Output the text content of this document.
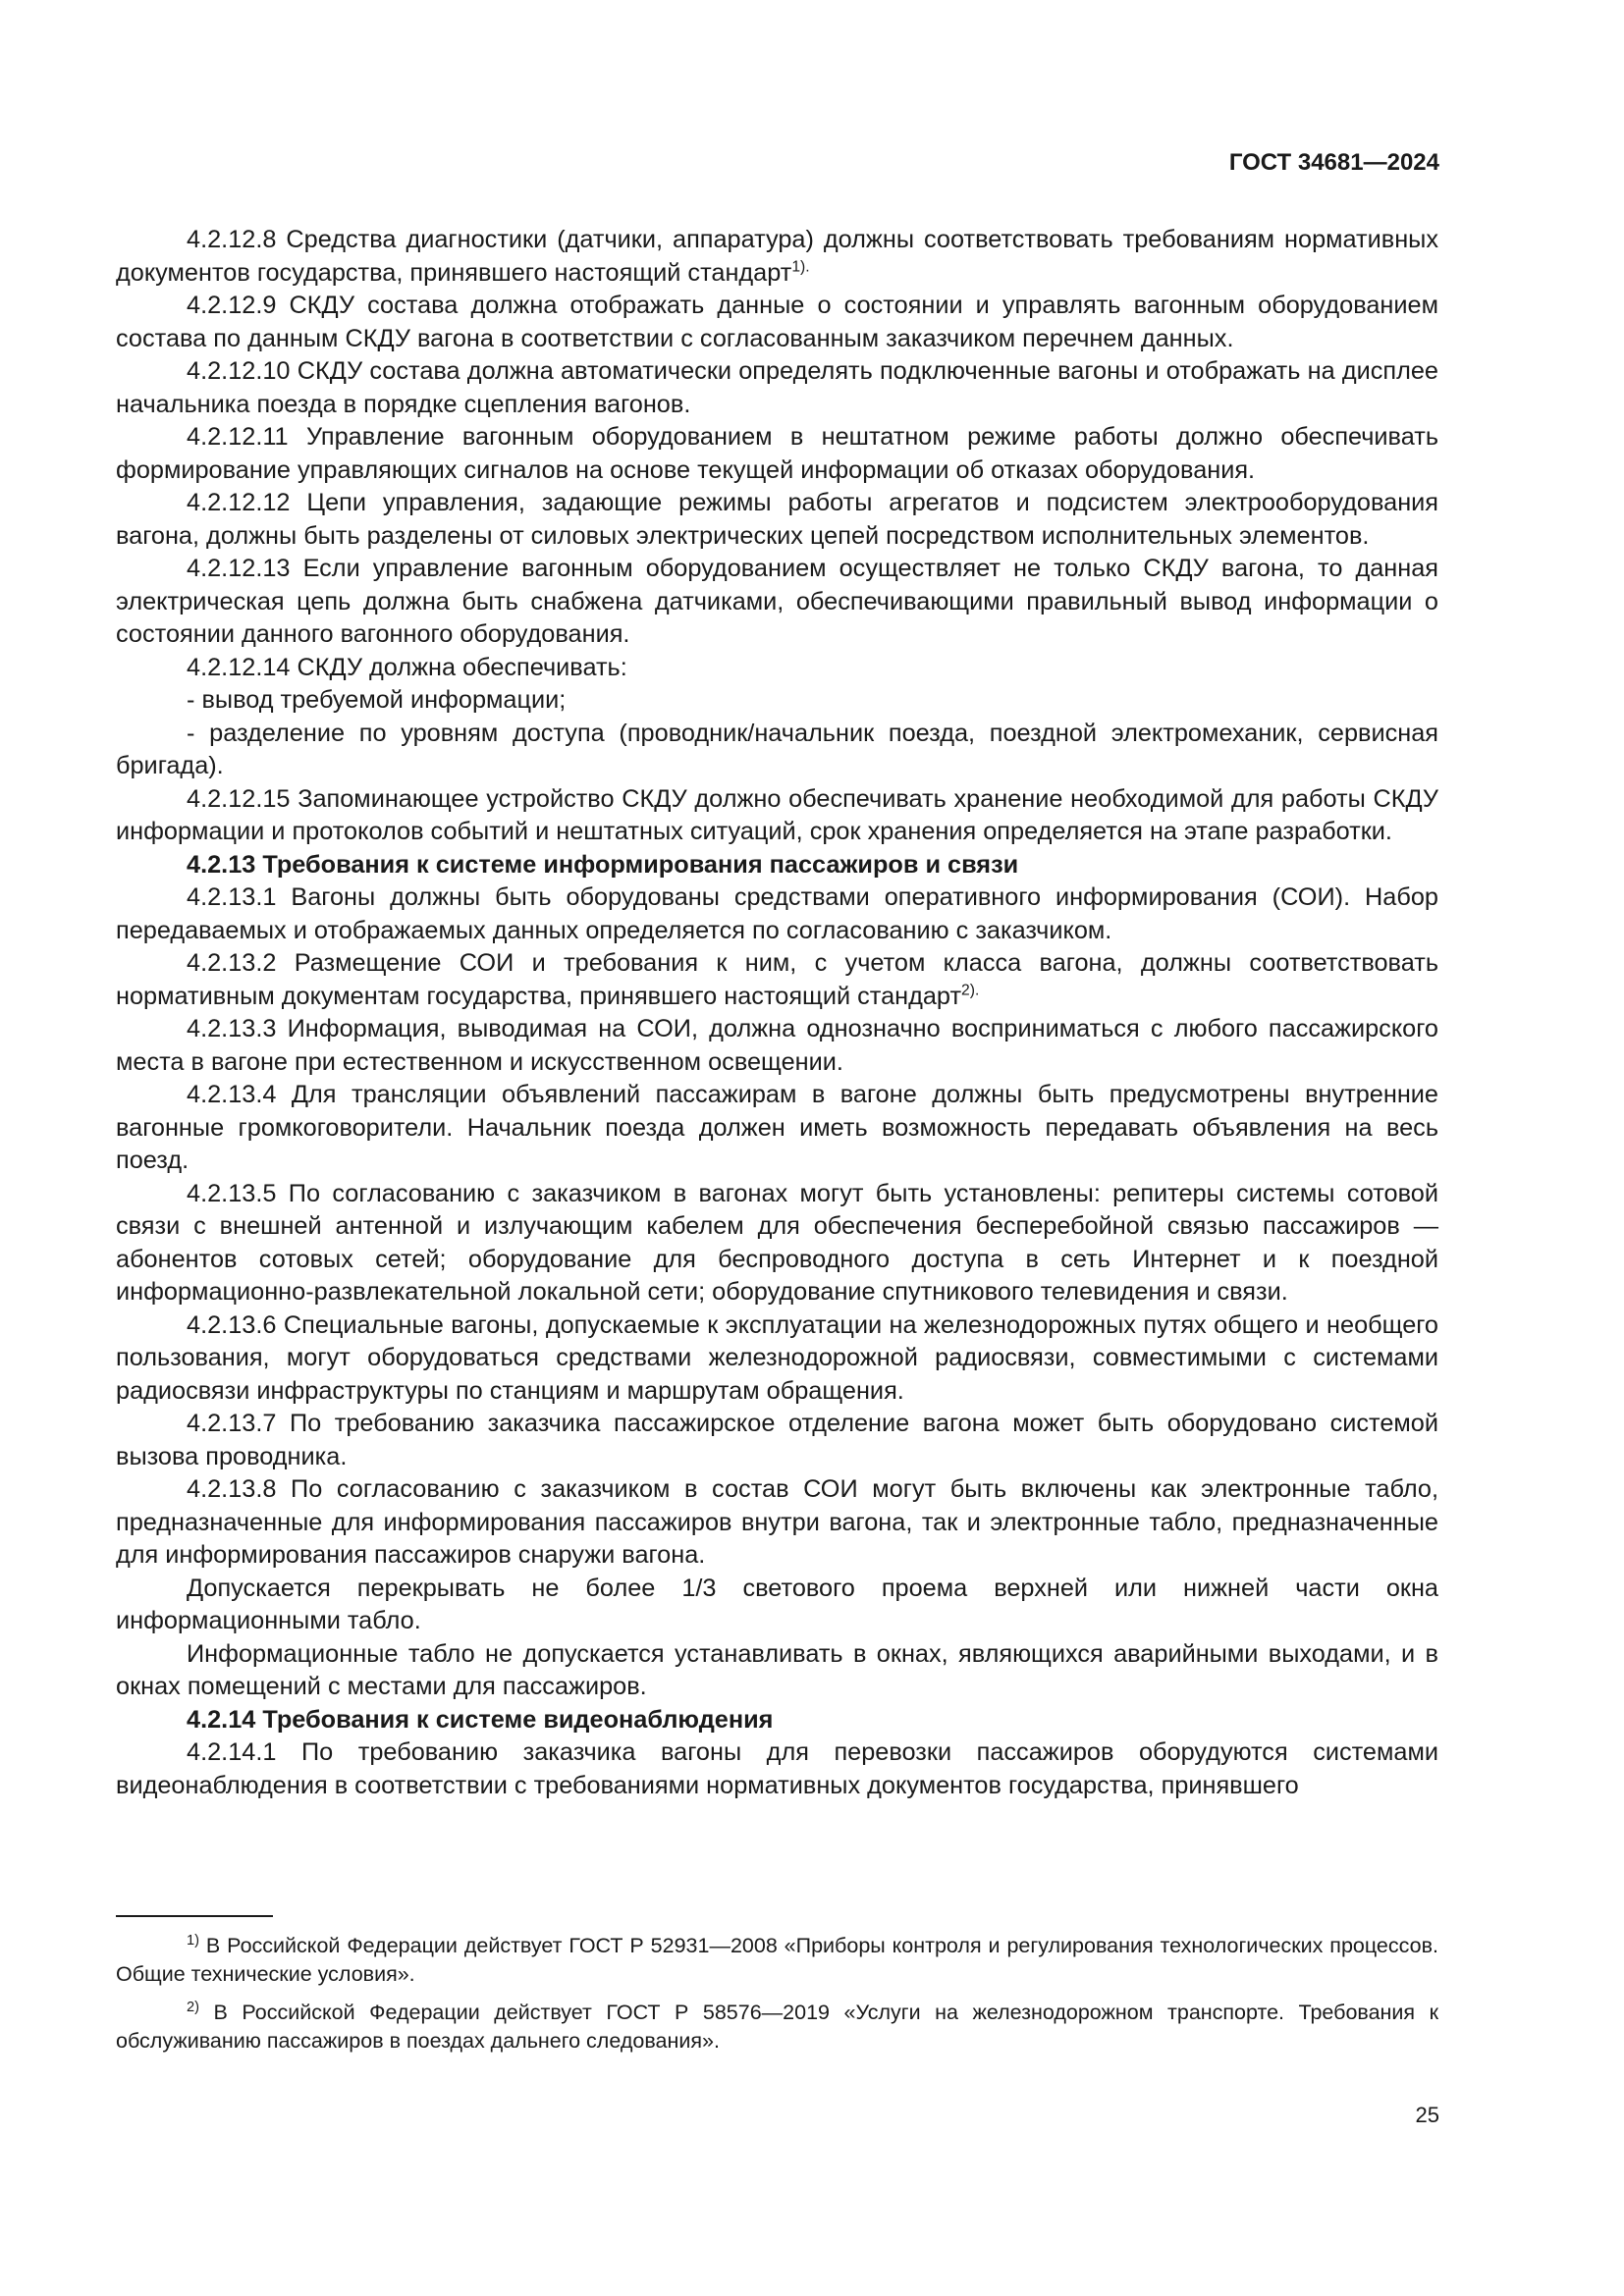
ГОСТ 34681—2024

4.2.12.8 Средства диагностики (датчики, аппаратура) должны соответствовать требованиям нормативных документов государства, принявшего настоящий стандарт$^{1).}$

4.2.12.9 СКДУ состава должна отображать данные о состоянии и управлять вагонным оборудованием состава по данным СКДУ вагона в соответствии с согласованным заказчиком перечнем данных.

4.2.12.10 СКДУ состава должна автоматически определять подключенные вагоны и отображать на дисплее начальника поезда в порядке сцепления вагонов.

4.2.12.11 Управление вагонным оборудованием в нештатном режиме работы должно обеспечивать формирование управляющих сигналов на основе текущей информации об отказах оборудования.

4.2.12.12 Цепи управления, задающие режимы работы агрегатов и подсистем электрооборудования вагона, должны быть разделены от силовых электрических цепей посредством исполнительных элементов.

4.2.12.13 Если управление вагонным оборудованием осуществляет не только СКДУ вагона, то данная электрическая цепь должна быть снабжена датчиками, обеспечивающими правильный вывод информации о состоянии данного вагонного оборудования.

4.2.12.14 СКДУ должна обеспечивать:

- вывод требуемой информации;

- разделение по уровням доступа (проводник/начальник поезда, поездной электромеханик, сервисная бригада).

4.2.12.15 Запоминающее устройство СКДУ должно обеспечивать хранение необходимой для работы СКДУ информации и протоколов событий и нештатных ситуаций, срок хранения определяется на этапе разработки.

4.2.13 Требования к системе информирования пассажиров и связи

4.2.13.1 Вагоны должны быть оборудованы средствами оперативного информирования (СОИ). Набор передаваемых и отображаемых данных определяется по согласованию с заказчиком.

4.2.13.2 Размещение СОИ и требования к ним, с учетом класса вагона, должны соответствовать нормативным документам государства, принявшего настоящий стандарт$^{2).}$

4.2.13.3 Информация, выводимая на СОИ, должна однозначно восприниматься с любого пассажирского места в вагоне при естественном и искусственном освещении.

4.2.13.4 Для трансляции объявлений пассажирам в вагоне должны быть предусмотрены внутренние вагонные громкоговорители. Начальник поезда должен иметь возможность передавать объявления на весь поезд.

4.2.13.5 По согласованию с заказчиком в вагонах могут быть установлены: репитеры системы сотовой связи с внешней антенной и излучающим кабелем для обеспечения бесперебойной связью пассажиров — абонентов сотовых сетей; оборудование для беспроводного доступа в сеть Интернет и к поездной информационно-развлекательной локальной сети; оборудование спутникового телевидения и связи.

4.2.13.6 Специальные вагоны, допускаемые к эксплуатации на железнодорожных путях общего и необщего пользования, могут оборудоваться средствами железнодорожной радиосвязи, совместимыми с системами радиосвязи инфраструктуры по станциям и маршрутам обращения.

4.2.13.7 По требованию заказчика пассажирское отделение вагона может быть оборудовано системой вызова проводника.

4.2.13.8 По согласованию с заказчиком в состав СОИ могут быть включены как электронные табло, предназначенные для информирования пассажиров внутри вагона, так и электронные табло, предназначенные для информирования пассажиров снаружи вагона.

Допускается перекрывать не более 1/3 светового проема верхней или нижней части окна информационными табло.

Информационные табло не допускается устанавливать в окнах, являющихся аварийными выходами, и в окнах помещений с местами для пассажиров.

4.2.14 Требования к системе видеонаблюдения

4.2.14.1 По требованию заказчика вагоны для перевозки пассажиров оборудуются системами видеонаблюдения в соответствии с требованиями нормативных документов государства, принявшего

$^{1)}$ В Российской Федерации действует ГОСТ Р 52931—2008 «Приборы контроля и регулирования технологических процессов. Общие технические условия».

$^{2)}$ В Российской Федерации действует ГОСТ Р 58576—2019 «Услуги на железнодорожном транспорте. Требования к обслуживанию пассажиров в поездах дальнего следования».

25
